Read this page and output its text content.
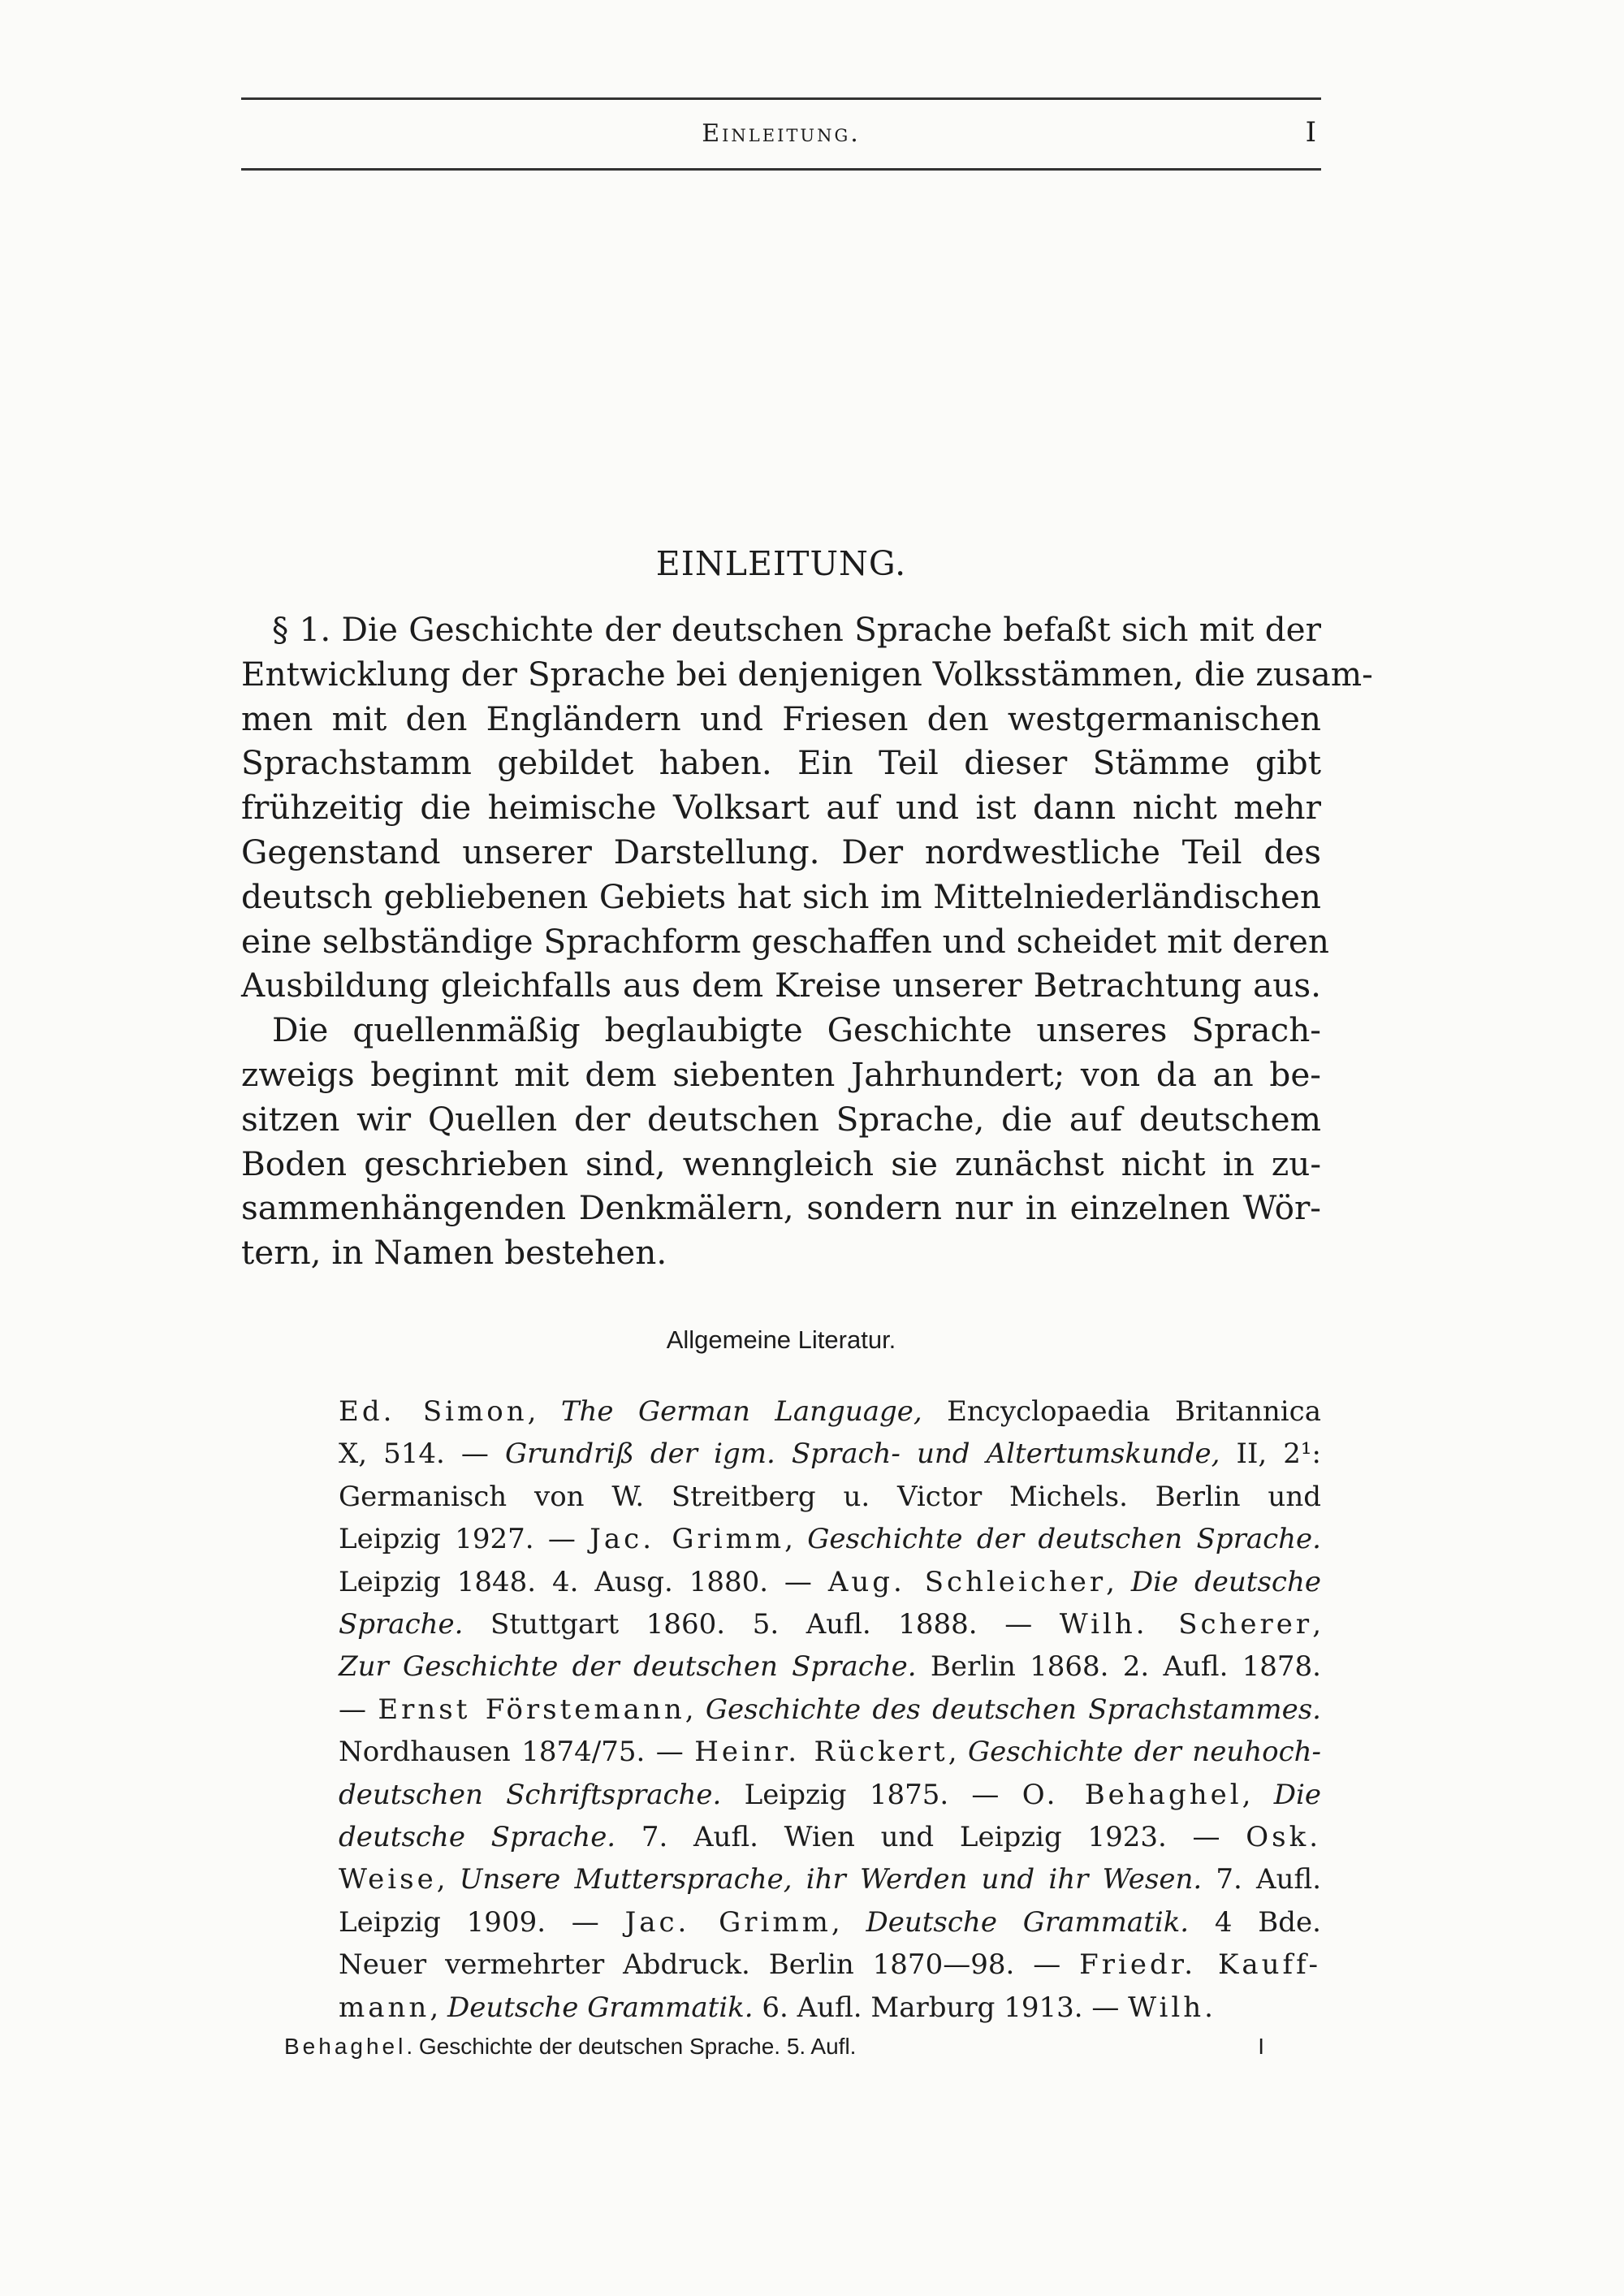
Einleitung.	I
EINLEITUNG.
§ 1. Die Geschichte der deutschen Sprache befaßt sich mit der
Entwicklung der Sprache bei denjenigen Volksstämmen, die zusam-
men mit den Engländern und Friesen den westgermanischen
Sprachstamm gebildet haben. Ein Teil dieser Stämme gibt
frühzeitig die heimische Volksart auf und ist dann nicht mehr
Gegenstand unserer Darstellung. Der nordwestliche Teil des
deutsch gebliebenen Gebiets hat sich im Mittelniederländischen
eine selbständige Sprachform geschaffen und scheidet mit deren
Ausbildung gleichfalls aus dem Kreise unserer Betrachtung aus.
Die quellenmäßig beglaubigte Geschichte unseres Sprach-
zweigs beginnt mit dem siebenten Jahrhundert; von da an be-
sitzen wir Quellen der deutschen Sprache, die auf deutschem
Boden geschrieben sind, wenngleich sie zunächst nicht in zu-
sammenhängenden Denkmälern, sondern nur in einzelnen Wör-
tern, in Namen bestehen.
Allgemeine Literatur.
Ed. Simon, The German Language, Encyclopaedia Britannica
X, 514. — Grundriß der igm. Sprach- und Altertumskunde, II, 2¹:
Germanisch von W. Streitberg u. Victor Michels. Berlin und
Leipzig 1927. — Jac. Grimm, Geschichte der deutschen Sprache.
Leipzig 1848. 4. Ausg. 1880. — Aug. Schleicher, Die deutsche
Sprache. Stuttgart 1860. 5. Aufl. 1888. — Wilh. Scherer,
Zur Geschichte der deutschen Sprache. Berlin 1868. 2. Aufl. 1878.
— Ernst Förstemann, Geschichte des deutschen Sprachstammes.
Nordhausen 1874/75. — Heinr. Rückert, Geschichte der neuhoch-
deutschen Schriftsprache. Leipzig 1875. — O. Behaghel, Die
deutsche Sprache. 7. Aufl. Wien und Leipzig 1923. — Osk.
Weise, Unsere Muttersprache, ihr Werden und ihr Wesen. 7. Aufl.
Leipzig 1909. — Jac. Grimm, Deutsche Grammatik. 4 Bde.
Neuer vermehrter Abdruck. Berlin 1870—98. — Friedr. Kauff-
mann, Deutsche Grammatik. 6. Aufl. Marburg 1913. — Wilh.
Behaghel. Geschichte der deutschen Sprache. 5. Aufl.	I
